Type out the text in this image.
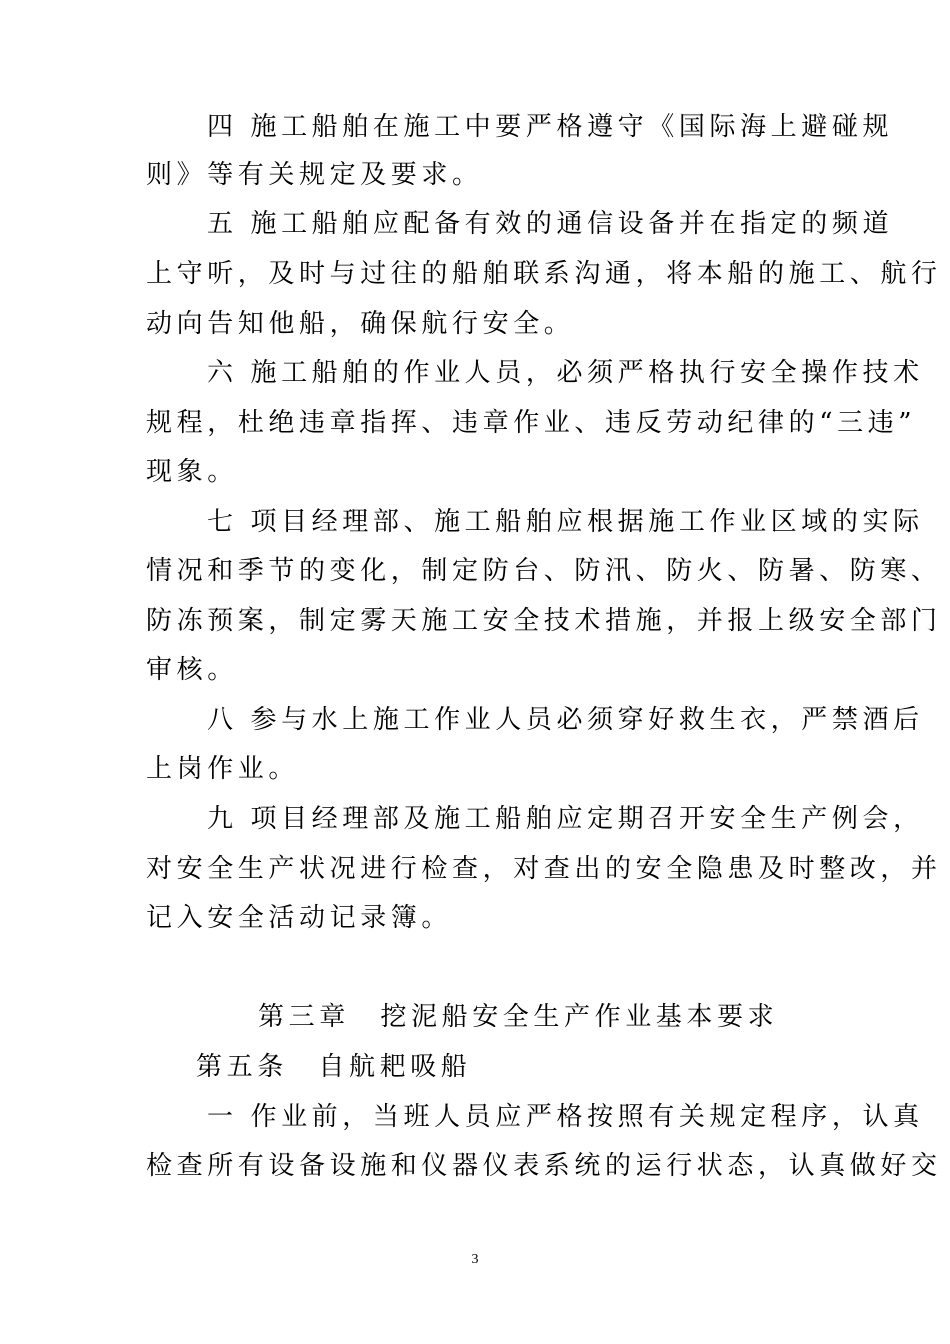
四 施工船舶在施工中要严格遵守《国际海上避碰规
则》等有关规定及要求。
五 施工船舶应配备有效的通信设备并在指定的频道
上守听，及时与过往的船舶联系沟通，将本船的施工、航行
动向告知他船，确保航行安全。
六 施工船舶的作业人员，必须严格执行安全操作技术
规程，杜绝违章指挥、违章作业、违反劳动纪律的“三违”
现象。
七 项目经理部、施工船舶应根据施工作业区域的实际
情况和季节的变化，制定防台、防汛、防火、防暑、防寒、
防冻预案，制定雾天施工安全技术措施，并报上级安全部门
审核。
八 参与水上施工作业人员必须穿好救生衣，严禁酒后
上岗作业。
九 项目经理部及施工船舶应定期召开安全生产例会，
对安全生产状况进行检查，对查出的安全隐患及时整改，并
记入安全活动记录簿。
第三章　挖泥船安全生产作业基本要求
第五条　自航耙吸船
一 作业前，当班人员应严格按照有关规定程序，认真
检查所有设备设施和仪器仪表系统的运行状态，认真做好交
3
